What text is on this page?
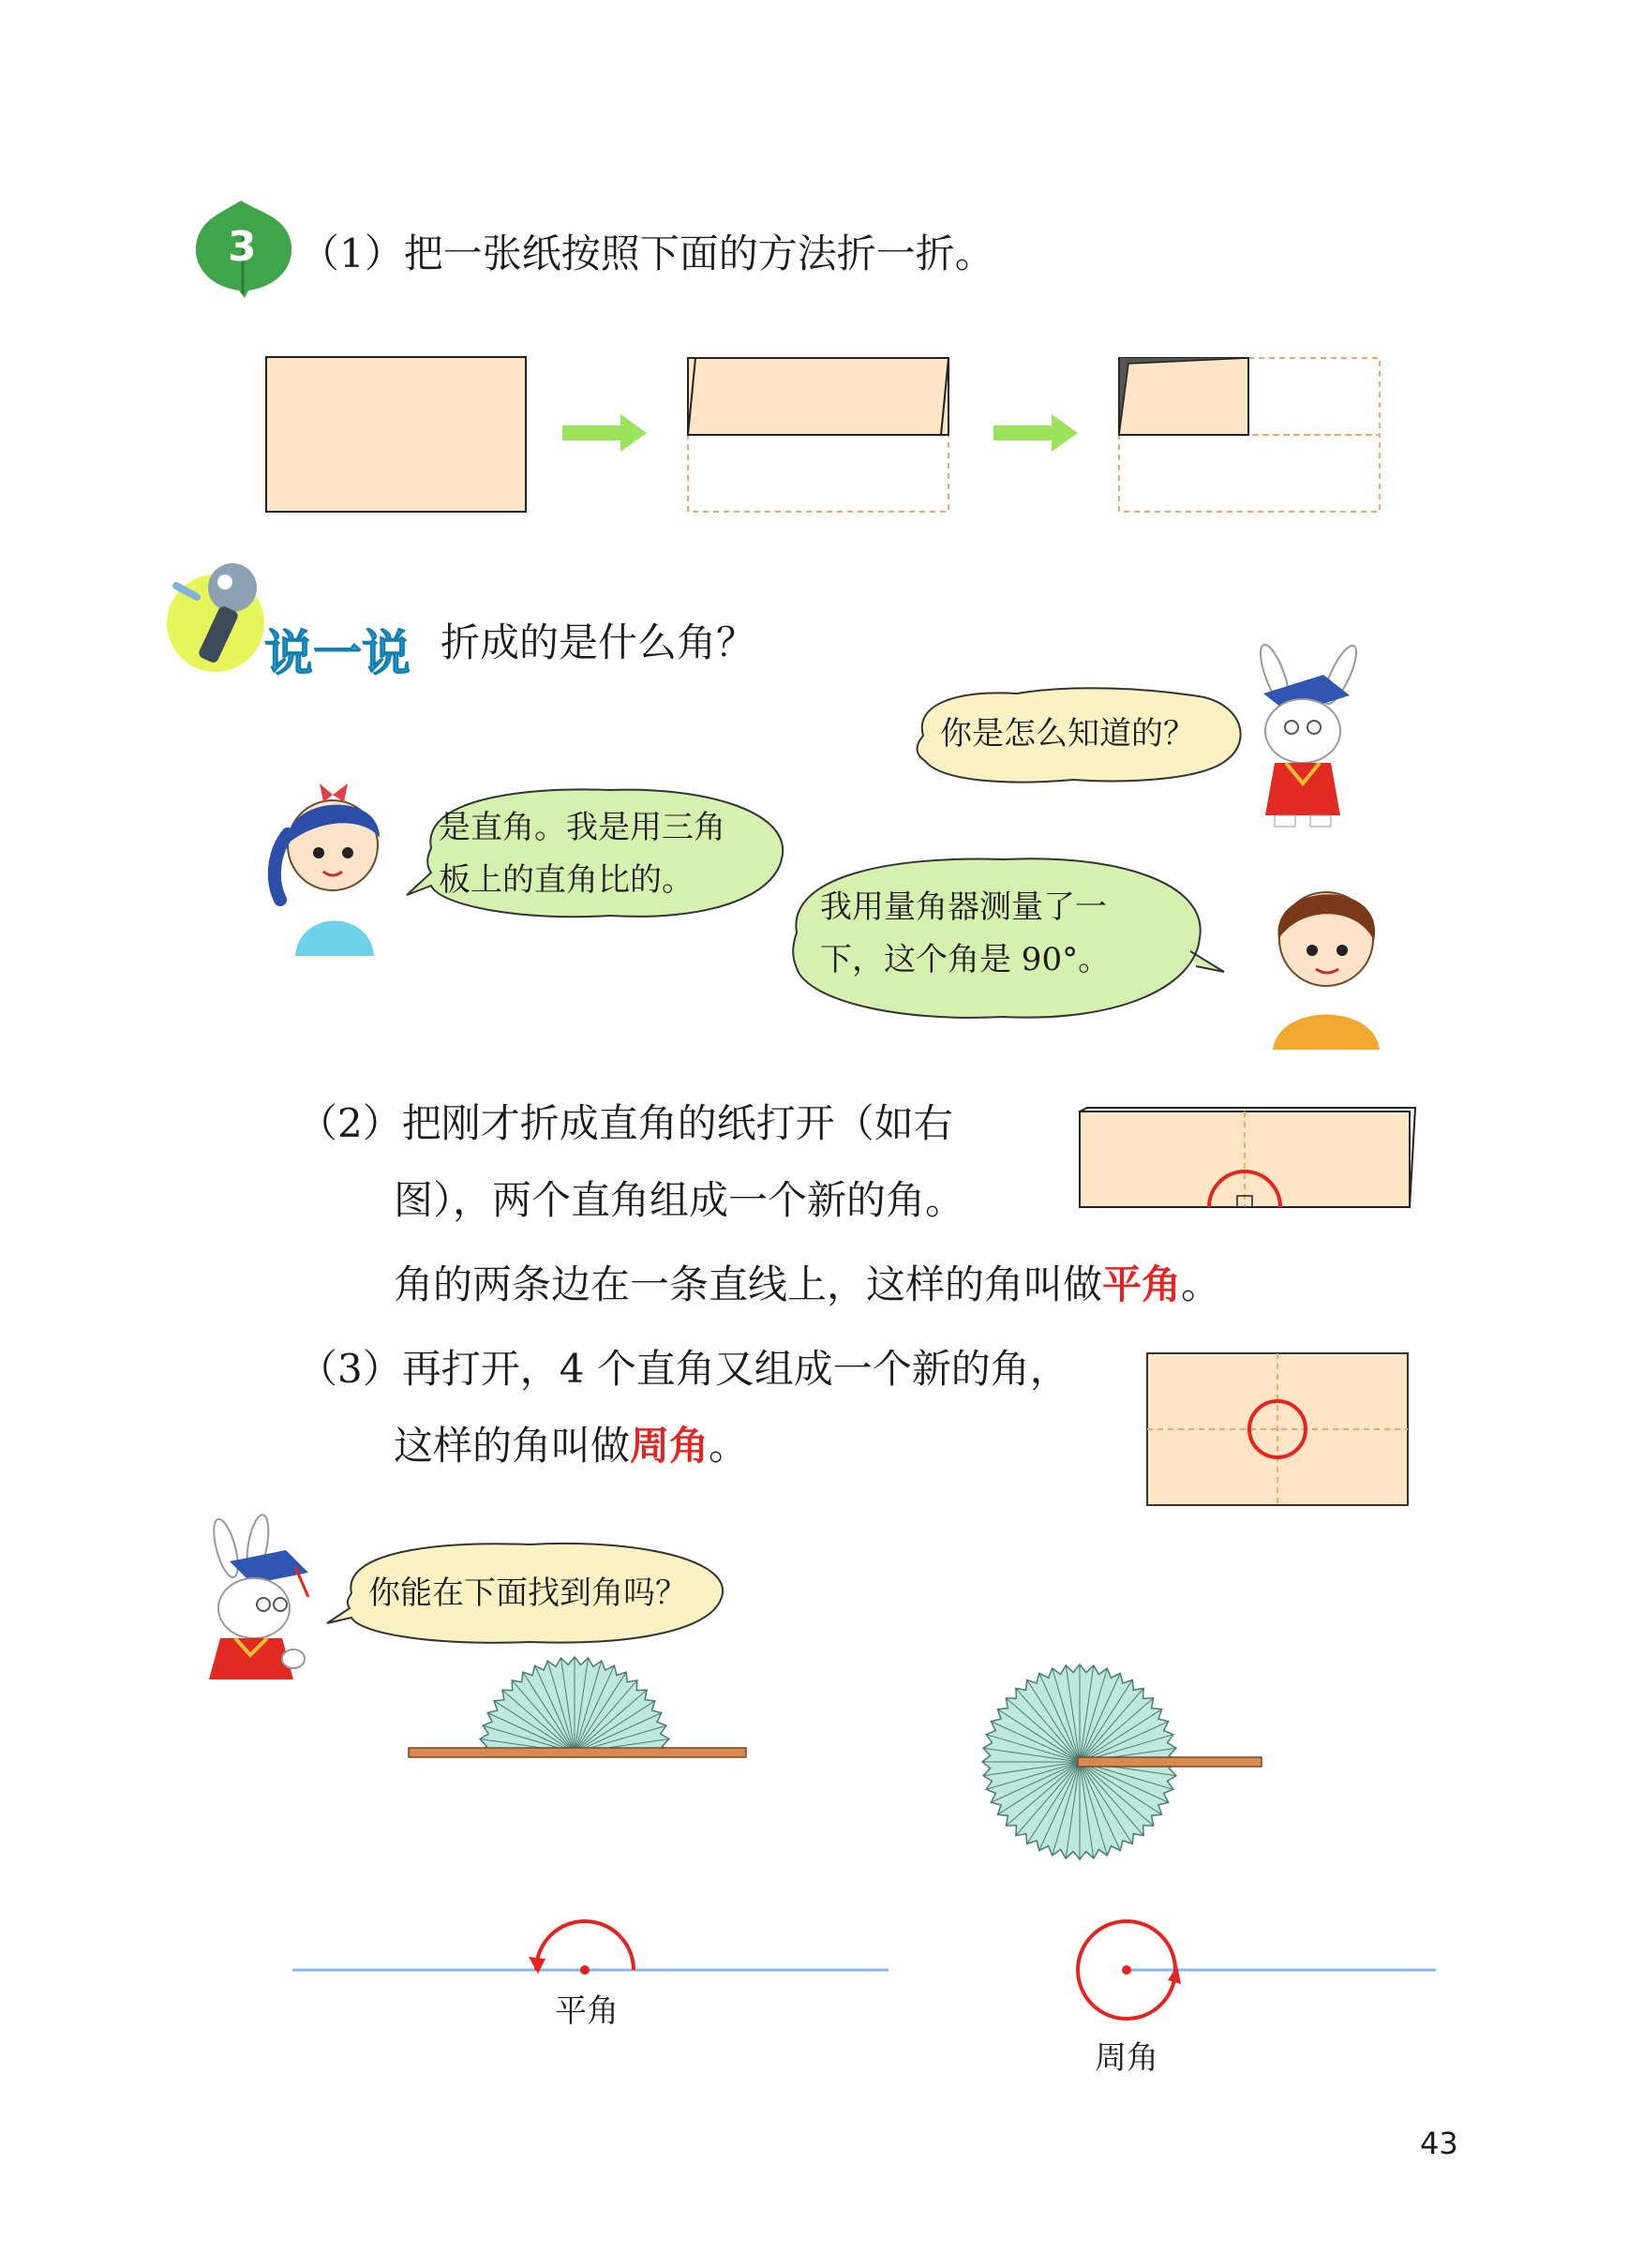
3 （1）把一张纸按照下面的方法折一折。
说一说 折成的是什么角？
你是怎么知道的？
是直角。我是用三角
板上的直角比的。
我用量角器测量了一
下，这个角是 90°。
（2）把刚才折成直角的纸打开（如右
图），两个直角组成一个新的角。
角的两条边在一条直线上，这样的角叫做平角。
（3）再打开，4 个直角又组成一个新的角，
这样的角叫做周角。
你能在下面找到角吗？
平角
周角
43
